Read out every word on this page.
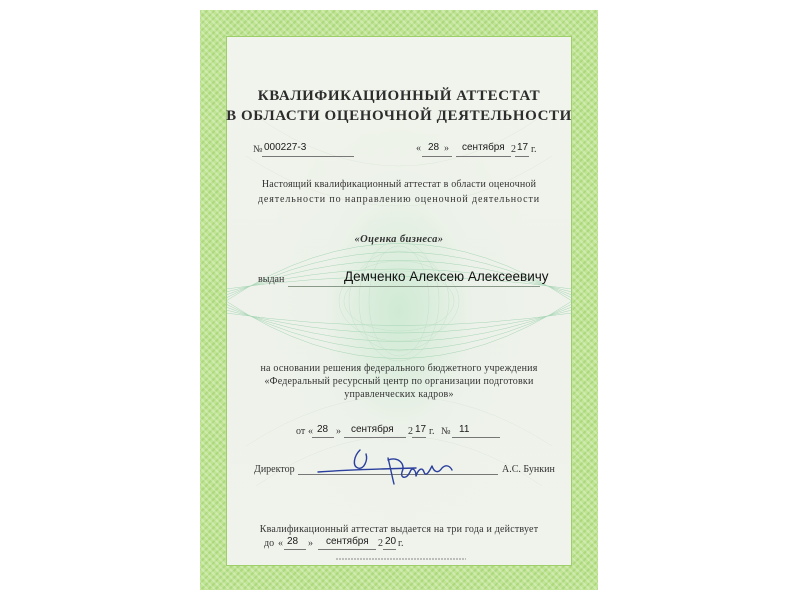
КВАЛИФИКАЦИОННЫЙ АТТЕСТАТ
В ОБЛАСТИ ОЦЕНОЧНОЙ ДЕЯТЕЛЬНОСТИ
№ 000227-3	« 28 » сентября 2 17 г.
Настоящий квалификационный аттестат в области оценочной
деятельности по направлению оценочной деятельности
«Оценка бизнеса»
выдан	Демченко Алексею Алексеевичу
на основании решения федерального бюджетного учреждения
«Федеральный ресурсный центр по организации подготовки
управленческих кадров»
от « 28 » сентября 2 17 г. № 11
Директор	А.С. Бункин
Квалификационный аттестат выдается на три года и действует
до « 28 » сентября 2 20 г.
